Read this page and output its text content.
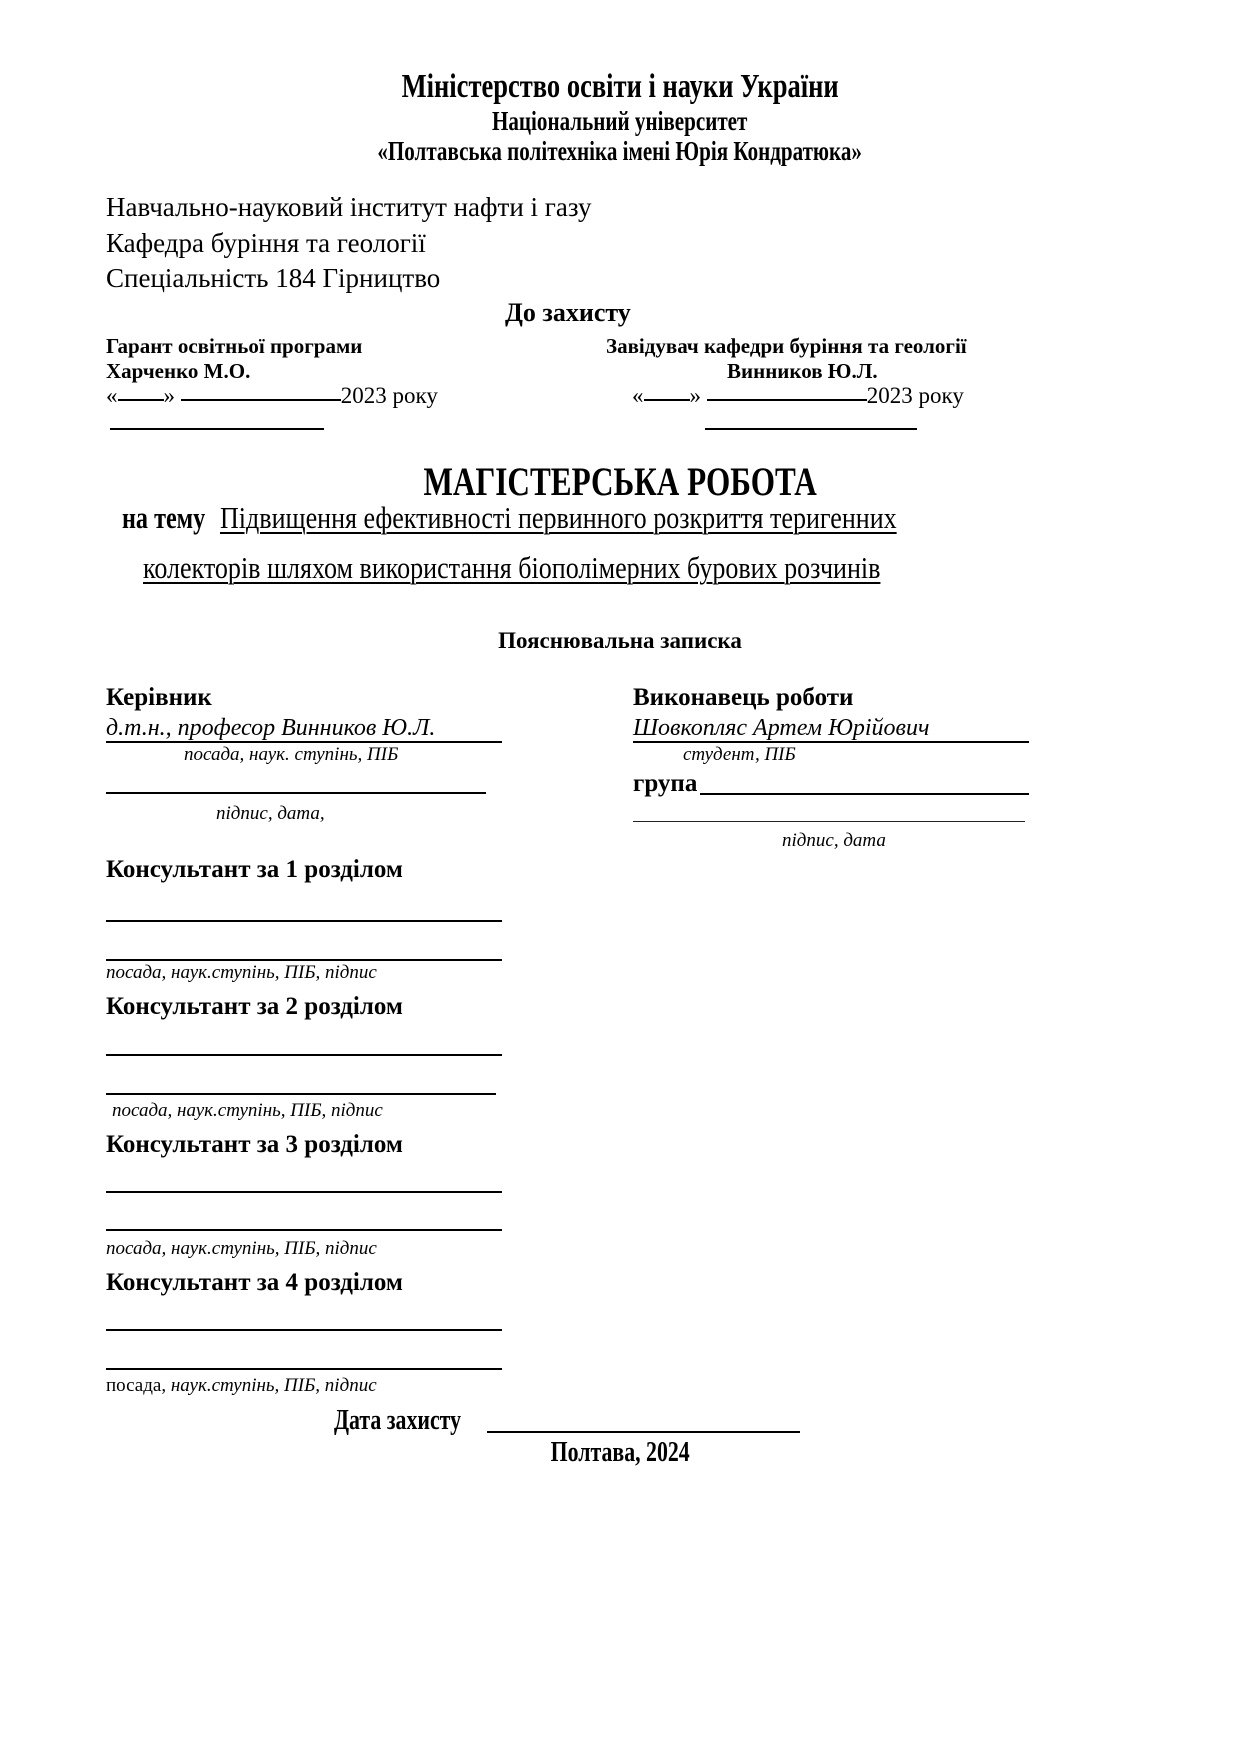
Міністерство освіти і науки України
Національний університет
«Полтавська політехніка імені Юрія Кондратюка»
Навчально-науковий інститут нафти і газу
Кафедра буріння та геології
Спеціальність 184 Гірництво
До захисту
Гарант освітньої програми
Харченко М.О.
« »	2023 року
Завідувач кафедри буріння та геології
Винников Ю.Л.
« »	2023 року
МАГІСТЕРСЬКА РОБОТА
на тему Підвищення ефективності первинного розкриття теригенних
колекторів шляхом використання біополімерних бурових розчинів
Пояснювальна записка
Керівник
д.т.н., професор Винников Ю.Л.
посада, наук. ступінь, ПІБ
підпис, дата,
Виконавець роботи
Шовкопляс Артем Юрійович
студент, ПІБ
група
підпис, дата
Консультант за 1 розділом
посада, наук.ступінь, ПІБ, підпис
Консультант за 2 розділом
посада, наук.ступінь, ПІБ, підпис
Консультант за 3 розділом
посада, наук.ступінь, ПІБ, підпис
Консультант за 4 розділом
посада, наук.ступінь, ПІБ, підпис
Дата захисту
Полтава, 2024
